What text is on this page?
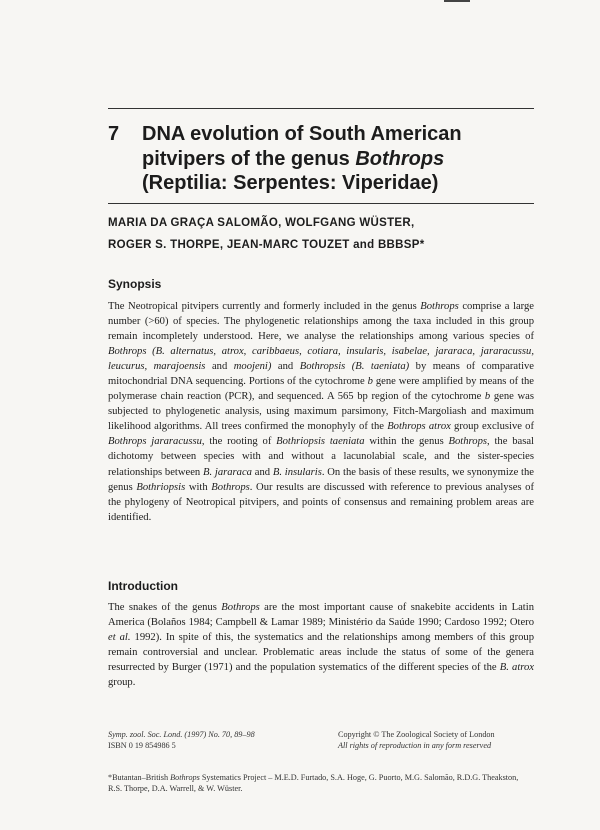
7 DNA evolution of South American
pitvipers of the genus Bothrops
(Reptilia: Serpentes: Viperidae)
MARIA DA GRAÇA SALOMÃO, WOLFGANG WÜSTER,
ROGER S. THORPE, JEAN-MARC TOUZET and BBBSP*
Synopsis
The Neotropical pitvipers currently and formerly included in the genus Bothrops comprise a large number (>60) of species. The phylogenetic relationships among the taxa included in this group remain incompletely understood. Here, we analyse the relationships among various species of Bothrops (B. alternatus, atrox, caribbaeus, cotiara, insularis, isabelae, jararaca, jararacussu, leucurus, marajoensis and moojeni) and Bothropsis (B. taeniata) by means of comparative mitochondrial DNA sequencing. Portions of the cytochrome b gene were amplified by means of the polymerase chain reaction (PCR), and sequenced. A 565 bp region of the cytochrome b gene was subjected to phylogenetic analysis, using maximum parsimony, Fitch-Margoliash and maximum likelihood algorithms. All trees confirmed the monophyly of the Bothrops atrox group exclusive of Bothrops jararacussu, the rooting of Bothriopsis taeniata within the genus Bothrops, the basal dichotomy between species with and without a lacunolabial scale, and the sister-species relationships between B. jararaca and B. insularis. On the basis of these results, we synonymize the genus Bothriopsis with Bothrops. Our results are discussed with reference to previous analyses of the phylogeny of Neotropical pitvipers, and points of consensus and remaining problem areas are identified.
Introduction
The snakes of the genus Bothrops are the most important cause of snakebite accidents in Latin America (Bolaños 1984; Campbell & Lamar 1989; Ministério da Saúde 1990; Cardoso 1992; Otero et al. 1992). In spite of this, the systematics and the relationships among members of this group remain controversial and unclear. Problematic areas include the status of some of the genera resurrected by Burger (1971) and the population systematics of the different species of the B. atrox group.
Symp. zool. Soc. Lond. (1997) No. 70, 89–98
ISBN 0 19 854986 5
Copyright © The Zoological Society of London
All rights of reproduction in any form reserved
*Butantan–British Bothrops Systematics Project – M.E.D. Furtado, S.A. Hoge, G. Puorto, M.G. Salomão, R.D.G. Theakston, R.S. Thorpe, D.A. Warrell, & W. Wüster.
